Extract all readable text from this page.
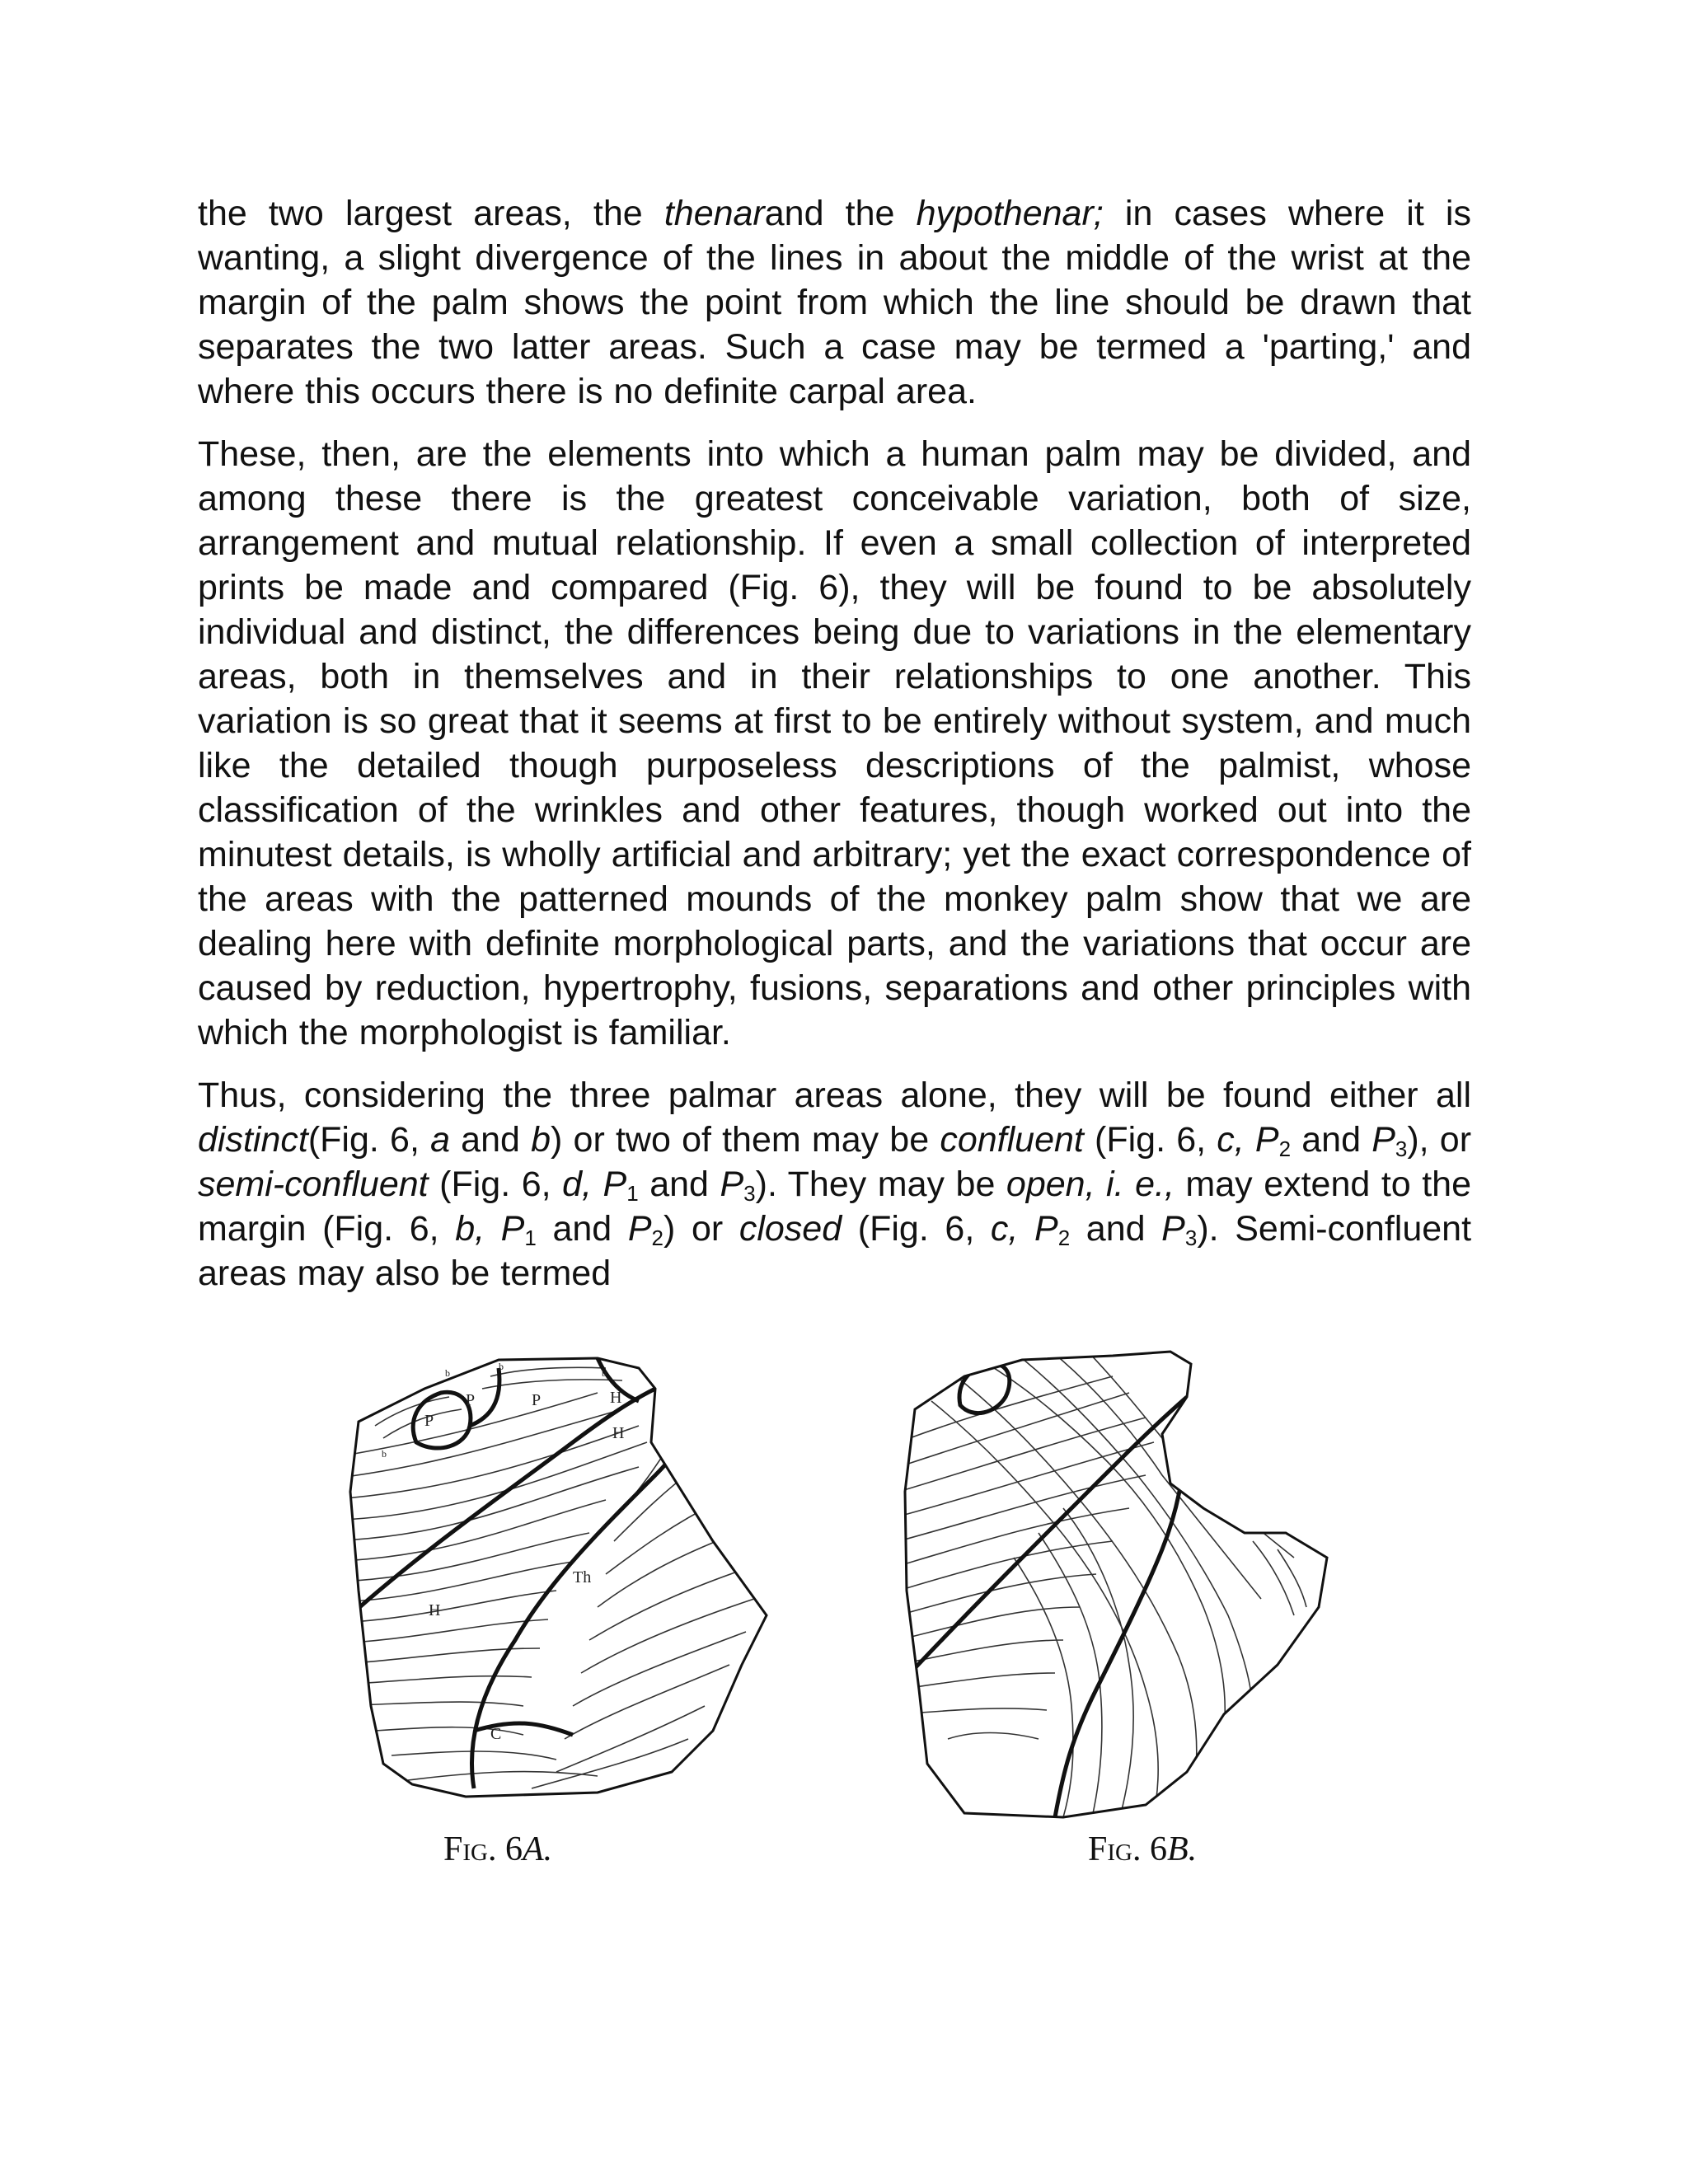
the two largest areas, the thenarand the hypothenar; in cases where it is wanting, a slight divergence of the lines in about the middle of the wrist at the margin of the palm shows the point from which the line should be drawn that separates the two latter areas. Such a case may be termed a 'parting,' and where this occurs there is no definite carpal area.

These, then, are the elements into which a human palm may be divided, and among these there is the greatest conceivable variation, both of size, arrangement and mutual relationship. If even a small collection of interpreted prints be made and compared (Fig. 6), they will be found to be absolutely individual and distinct, the differences being due to variations in the elementary areas, both in themselves and in their relationships to one another. This variation is so great that it seems at first to be entirely without system, and much like the detailed though purposeless descriptions of the palmist, whose classification of the wrinkles and other features, though worked out into the minutest details, is wholly artificial and arbitrary; yet the exact correspondence of the areas with the patterned mounds of the monkey palm show that we are dealing here with definite morphological parts, and the variations that occur are caused by reduction, hypertrophy, fusions, separations and other principles with which the morphologist is familiar.

Thus, considering the three palmar areas alone, they will be found either all distinct(Fig. 6, a and b) or two of them may be confluent (Fig. 6, c, $P_2$ and $P_3$), or semi-confluent (Fig. 6, d, $P_1$ and $P_3$). They may be open, i. e., may extend to the margin (Fig. 6, b, $P_1$ and $P_2$) or closed (Fig. 6, c, $P_2$ and $P_3$). Semi-confluent areas may also be termed

P
P	P	H
H
Th
H
C
b
b
b
b
Fig. 6A.	Fig. 6B.
